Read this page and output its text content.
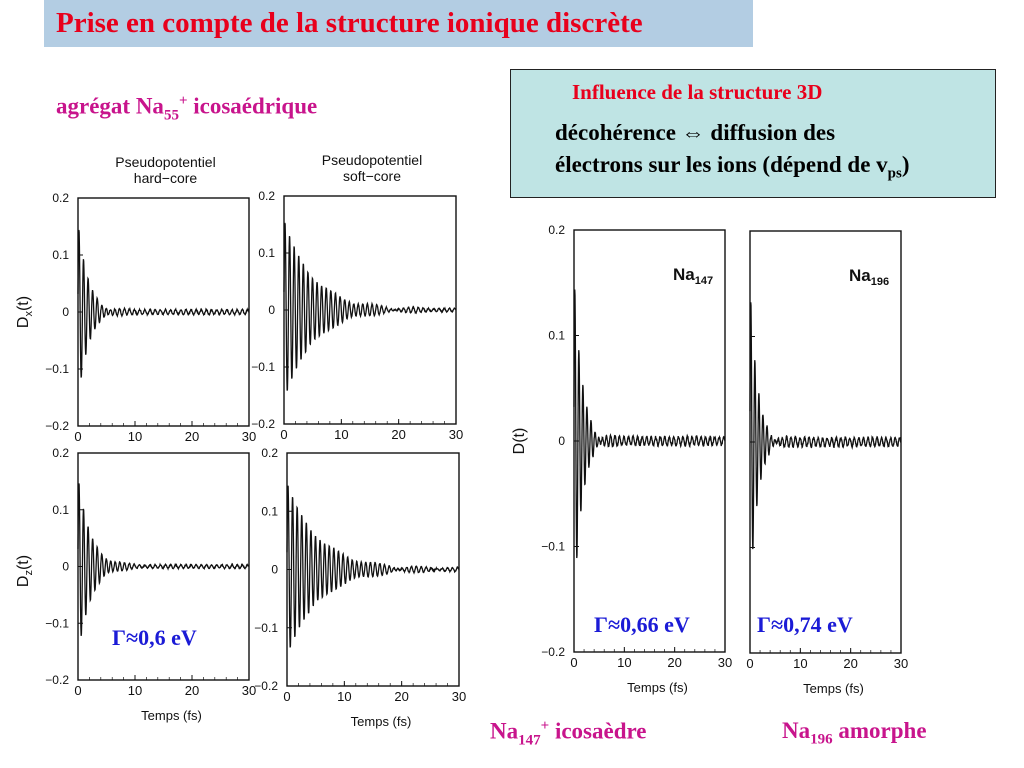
Prise en compte de la structure ionique discrète
agrégat $Na_{55}^+$ icosaédrique
Influence de la structure 3D
décohérence ⇔ diffusion des
électrons sur les ions (dépend de $v_{ps}$)
Pseudopotentiel
hard−core
0	10	20	30
0.2
0.1
0
−0.1
−0.2
$D_x(t)$
Pseudopotentiel
soft−core
0	10	20	30
0.2
0.1
0
−0.1
−0.2
0	10	20	30
0.2
0.1
0
−0.1
−0.2
$D_z(t)$
Temps (fs)
0	10	20	30
0.2
0.1
0
−0.1
−0.2
Temps (fs)
0	10	20	30
0.2
0.1
0
−0.1
−0.2
D(t)
Temps (fs)
$Na_{147}$
0	10	20	30
Temps (fs)
$Na_{196}$
Γ≈0,6 eV
Γ≈0,66 eV	Γ≈0,74 eV
$Na_{147}^+$ icosaèdre	$Na_{196}$ amorphe
